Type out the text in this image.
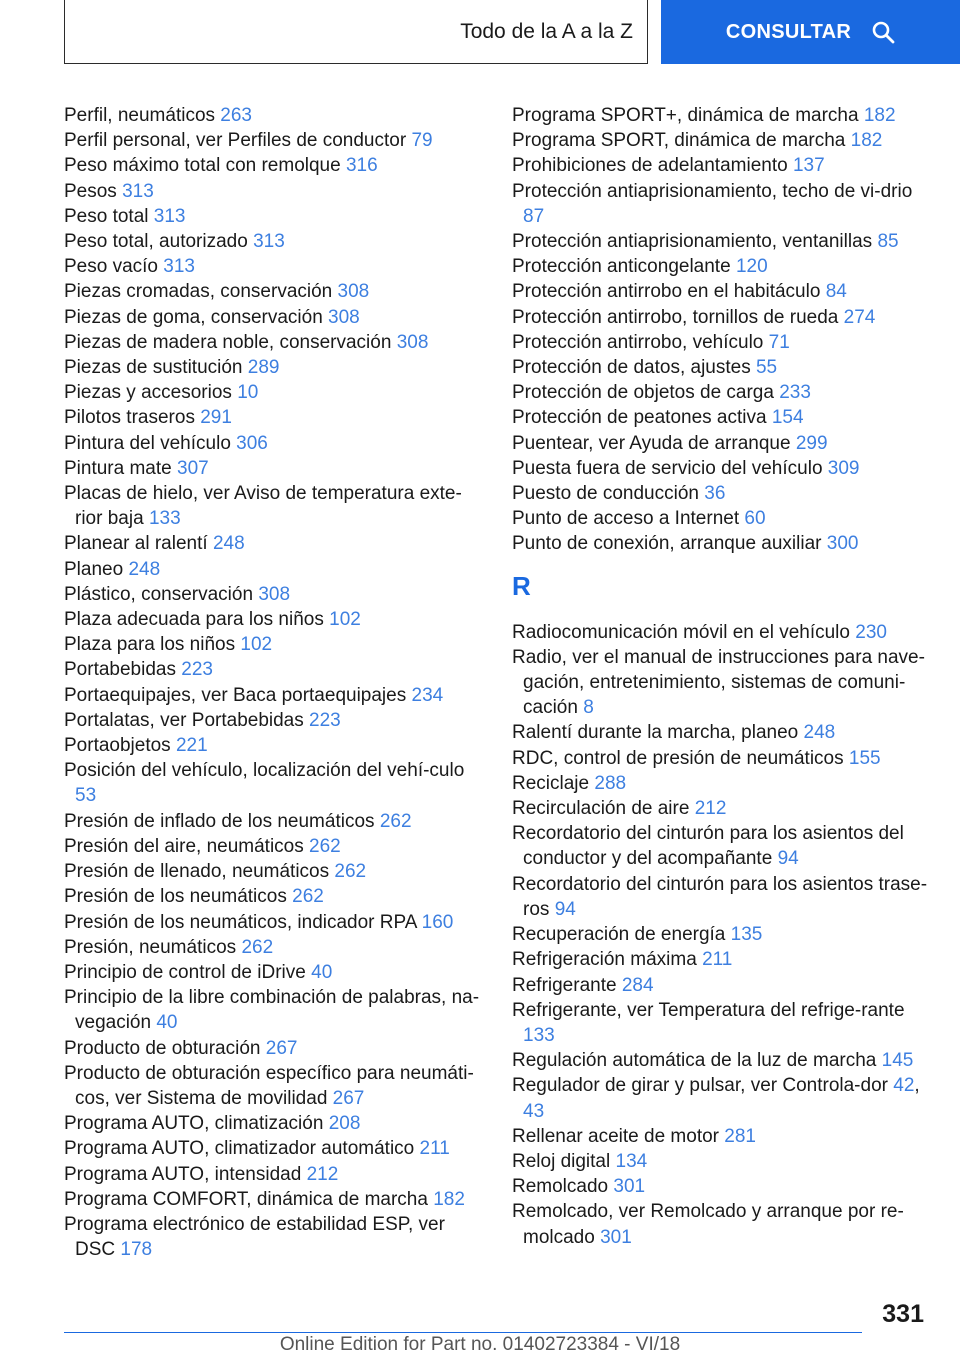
Todo de la A a la Z	CONSULTAR
Perfil, neumáticos 263
Perfil personal, ver Perfiles de conductor 79
Peso máximo total con remolque 316
Pesos 313
Peso total 313
Peso total, autorizado 313
Peso vacío 313
Piezas cromadas, conservación 308
Piezas de goma, conservación 308
Piezas de madera noble, conservación 308
Piezas de sustitución 289
Piezas y accesorios 10
Pilotos traseros 291
Pintura del vehículo 306
Pintura mate 307
Placas de hielo, ver Aviso de temperatura exte-rior baja 133
Planear al ralentí 248
Planeo 248
Plástico, conservación 308
Plaza adecuada para los niños 102
Plaza para los niños 102
Portabebidas 223
Portaequipajes, ver Baca portaequipajes 234
Portalatas, ver Portabebidas 223
Portaobjetos 221
Posición del vehículo, localización del vehí-culo 53
Presión de inflado de los neumáticos 262
Presión del aire, neumáticos 262
Presión de llenado, neumáticos 262
Presión de los neumáticos 262
Presión de los neumáticos, indicador RPA 160
Presión, neumáticos 262
Principio de control de iDrive 40
Principio de la libre combinación de palabras, na-vegación 40
Producto de obturación 267
Producto de obturación específico para neumáti-cos, ver Sistema de movilidad 267
Programa AUTO, climatización 208
Programa AUTO, climatizador automático 211
Programa AUTO, intensidad 212
Programa COMFORT, dinámica de marcha 182
Programa electrónico de estabilidad ESP, ver DSC 178
Programa SPORT+, dinámica de marcha 182
Programa SPORT, dinámica de marcha 182
Prohibiciones de adelantamiento 137
Protección antiaprisionamiento, techo de vi-drio 87
Protección antiaprisionamiento, ventanillas 85
Protección anticongelante 120
Protección antirrobo en el habitáculo 84
Protección antirrobo, tornillos de rueda 274
Protección antirrobo, vehículo 71
Protección de datos, ajustes 55
Protección de objetos de carga 233
Protección de peatones activa 154
Puentear, ver Ayuda de arranque 299
Puesta fuera de servicio del vehículo 309
Puesto de conducción 36
Punto de acceso a Internet 60
Punto de conexión, arranque auxiliar 300
R
Radiocomunicación móvil en el vehículo 230
Radio, ver el manual de instrucciones para nave-gación, entretenimiento, sistemas de comuni-cación 8
Ralentí durante la marcha, planeo 248
RDC, control de presión de neumáticos 155
Reciclaje 288
Recirculación de aire 212
Recordatorio del cinturón para los asientos del conductor y del acompañante 94
Recordatorio del cinturón para los asientos trase-ros 94
Recuperación de energía 135
Refrigeración máxima 211
Refrigerante 284
Refrigerante, ver Temperatura del refrige-rante 133
Regulación automática de la luz de marcha 145
Regulador de girar y pulsar, ver Controla-dor 42, 43
Rellenar aceite de motor 281
Reloj digital 134
Remolcado 301
Remolcado, ver Remolcado y arranque por re-molcado 301
331
Online Edition for Part no. 01402723384 - VI/18
